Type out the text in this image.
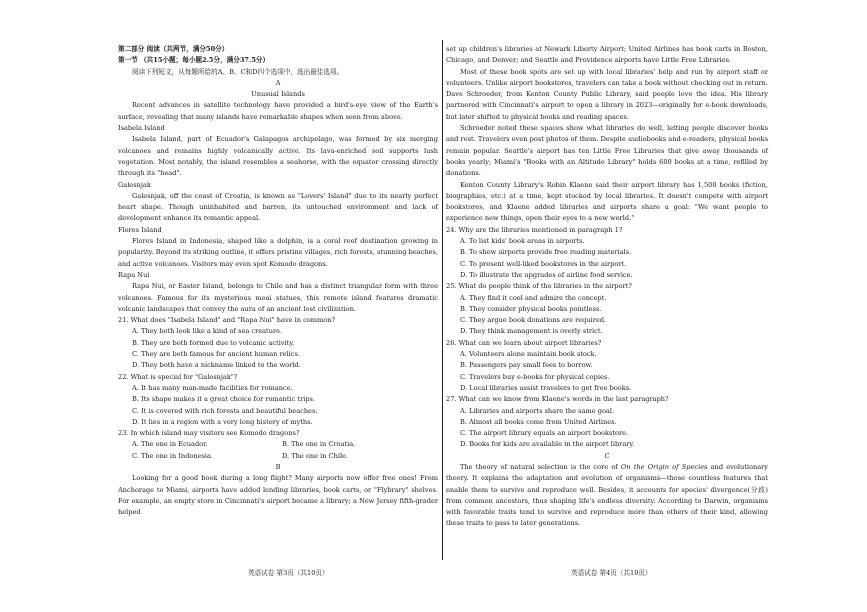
第二部分 阅读（共两节，满分50分）

第一节 （共15小题；每小题2.5分，满分37.5分）

阅读下列短文，从每题所给的A、B、C和D四个选项中，选出最佳选项。

A

Unusual Islands

Recent advances in satellite technology have provided a bird's-eye view of the Earth's surface, revealing that many islands have remarkable shapes when seen from above.

Isabela Island

Isabela Island, part of Ecuador's Galapagos archipelago, was formed by six merging volcanoes and remains highly volcanically active. Its lava-enriched soil supports lush vegetation. Most notably, the island resembles a seahorse, with the equator crossing directly through its "head".

Galesnjak

Galesnjak, off the coast of Croatia, is known as "Lovers' Island" due to its nearly perfect heart shape. Though uninhabited and barren, its untouched environment and lack of development enhance its romantic appeal.

Flores Island

Flores Island in Indonesia, shaped like a dolphin, is a coral reef destination growing in popularity. Beyond its striking outline, it offers pristine villages, rich forests, stunning beaches, and active volcanoes. Visitors may even spot Komodo dragons.

Rapa Nui

Rapa Nui, or Easter Island, belongs to Chile and has a distinct triangular form with three volcanoes. Famous for its mysterious moai statues, this remote island features dramatic volcanic landscapes that convey the aura of an ancient lost civilization.

21. What does "Isabela Island" and "Rapa Nui" have in common?

A. They both look like a kind of sea creature.

B. They are both formed due to volcanic activity.

C. They are both famous for ancient human relics.

D. They both have a nickname linked to the world.

22. What is special for "Galesnjak"?

A. It has many man-made facilities for romance.

B. Its shape makes it a great choice for romantic trips.

C. It is covered with rich forests and beautiful beaches.

D. It lies in a region with a very long history of myths.

23. In which island may visitors see Komodo dragons?

A. The one in Ecuador.	B. The one in Croatia.
C. The one in Indonesia.	D. The one in Chile.

B

Looking for a good book during a long flight? Many airports now offer free ones! From Anchorage to Miami, airports have added lending libraries, book carts, or "Flybrary" shelves. For example, an empty store in Cincinnati's airport became a library; a New Jersey fifth-grader helped

set up children's libraries at Newark Liberty Airport; United Airlines has book carts in Boston, Chicago, and Denver; and Seattle and Providence airports have Little Free Libraries.

Most of these book spots are set up with local libraries' help and run by airport staff or volunteers. Unlike airport bookstores, travelers can take a book without checking out in return. Dave Schroeder, from Kenton County Public Library, said people love the idea. His library partnered with Cincinnati's airport to open a library in 2023—originally for e-book downloads, but later shifted to physical books and reading spaces.

Schroeder noted these spaces show what libraries do well, letting people discover books and rest. Travelers even post photos of them. Despite audiobooks and e-readers, physical books remain popular. Seattle's airport has ten Little Free Libraries that give away thousands of books yearly; Miami's "Books with an Altitude Library" holds 600 books at a time, refilled by donations.

Kenton County Library's Robin Klaene said their airport library has 1,500 books (fiction, biographies, etc.) at a time, kept stocked by local libraries. It doesn't compete with airport bookstores, and Klaene added libraries and airports share a goal: "We want people to experience new things, open their eyes to a new world."

24. Why are the libraries mentioned in paragraph 1?

A. To list kids' book areas in airports.

B. To show airports provide free reading materials.

C. To present well-liked bookstores in the airport.

D. To illustrate the upgrades of airline food service.

25. What do people think of the libraries in the airport?

A. They find it cool and admire the concept.

B. They consider physical books pointless.

C. They argue book donations are required.

D. They think management is overly strict.

26. What can we learn about airport libraries?

A. Volunteers alone maintain book stock.

B. Passengers pay small fees to borrow.

C. Travelers buy e-books for physical copies.

D. Local libraries assist travelers to get free books.

27. What can we know from Klaene's words in the last paragraph?

A. Libraries and airports share the same goal.

B. Almost all books come from United Airlines.

C. The airport library equals an airport bookstore.

D. Books for kids are available in the airport library.

C

The theory of natural selection is the core of On the Origin of Species and evolutionary theory. It explains the adaptation and evolution of organisms—those countless features that enable them to survive and reproduce well. Besides, it accounts for species' divergence(分歧) from common ancestors, thus shaping life's endless diversity. According to Darwin, organisms with favorable traits tend to survive and reproduce more than others of their kind, allowing these traits to pass to later generations.

英语试卷 第3页（共10页）	英语试卷 第4页（共10页）
